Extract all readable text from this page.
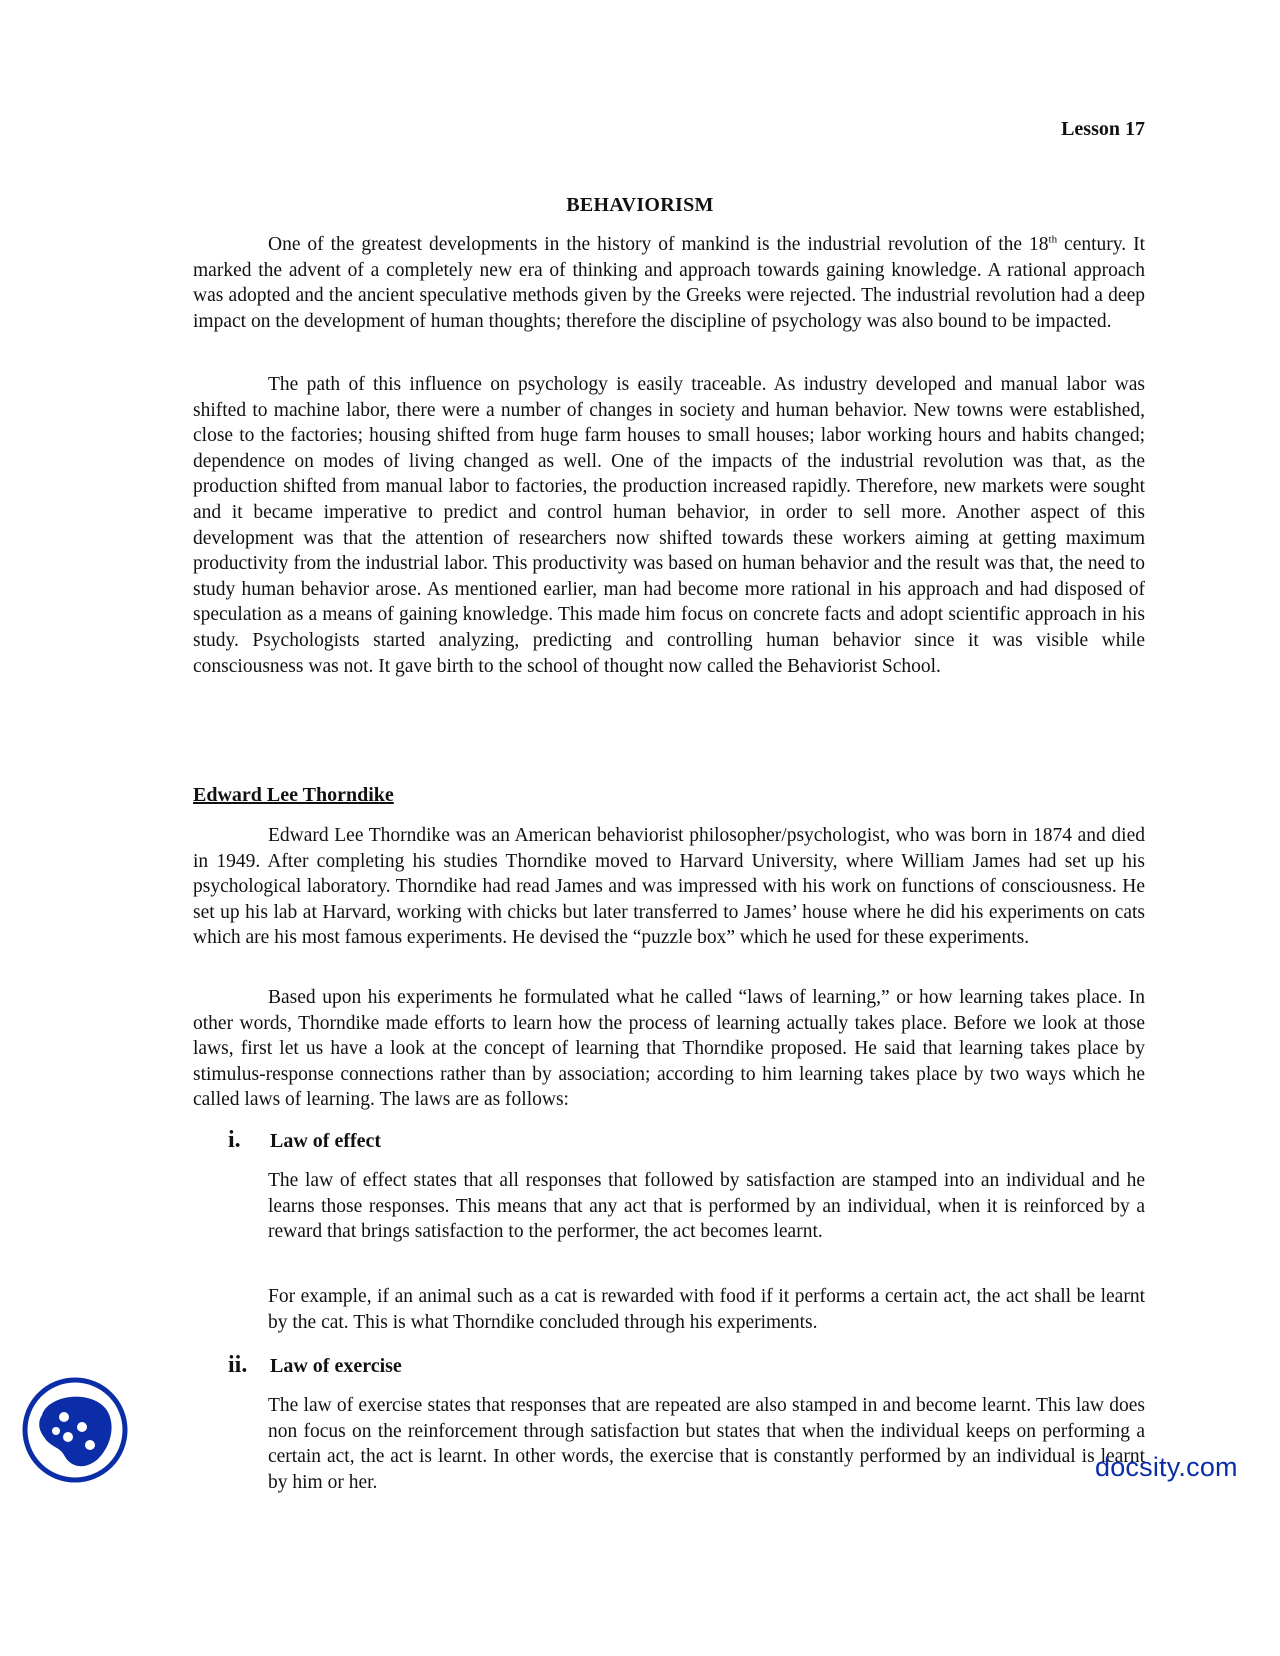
Lesson 17
BEHAVIORISM

One of the greatest developments in the history of mankind is the industrial revolution of the 18th century. It marked the advent of a completely new era of thinking and approach towards gaining knowledge. A rational approach was adopted and the ancient speculative methods given by the Greeks were rejected. The industrial revolution had a deep impact on the development of human thoughts; therefore the discipline of psychology was also bound to be impacted.

The path of this influence on psychology is easily traceable. As industry developed and manual labor was shifted to machine labor, there were a number of changes in society and human behavior. New towns were established, close to the factories; housing shifted from huge farm houses to small houses; labor working hours and habits changed; dependence on modes of living changed as well. One of the impacts of the industrial revolution was that, as the production shifted from manual labor to factories, the production increased rapidly. Therefore, new markets were sought and it became imperative to predict and control human behavior, in order to sell more. Another aspect of this development was that the attention of researchers now shifted towards these workers aiming at getting maximum productivity from the industrial labor. This productivity was based on human behavior and the result was that, the need to study human behavior arose. As mentioned earlier, man had become more rational in his approach and had disposed of speculation as a means of gaining knowledge. This made him focus on concrete facts and adopt scientific approach in his study. Psychologists started analyzing, predicting and controlling human behavior since it was visible while consciousness was not. It gave birth to the school of thought now called the Behaviorist School.

Edward Lee Thorndike

Edward Lee Thorndike was an American behaviorist philosopher/psychologist, who was born in 1874 and died in 1949. After completing his studies Thorndike moved to Harvard University, where William James had set up his psychological laboratory. Thorndike had read James and was impressed with his work on functions of consciousness. He set up his lab at Harvard, working with chicks but later transferred to James’ house where he did his experiments on cats which are his most famous experiments. He devised the “puzzle box” which he used for these experiments.

Based upon his experiments he formulated what he called “laws of learning,” or how learning takes place. In other words, Thorndike made efforts to learn how the process of learning actually takes place. Before we look at those laws, first let us have a look at the concept of learning that Thorndike proposed. He said that learning takes place by stimulus-response connections rather than by association; according to him learning takes place by two ways which he called laws of learning. The laws are as follows:

i.	Law of effect

The law of effect states that all responses that followed by satisfaction are stamped into an individual and he learns those responses. This means that any act that is performed by an individual, when it is reinforced by a reward that brings satisfaction to the performer, the act becomes learnt.

For example, if an animal such as a cat is rewarded with food if it performs a certain act, the act shall be learnt by the cat. This is what Thorndike concluded through his experiments.

ii.	Law of exercise

The law of exercise states that responses that are repeated are also stamped in and become learnt. This law does non focus on the reinforcement through satisfaction but states that when the individual keeps on performing a certain act, the act is learnt. In other words, the exercise that is constantly performed by an individual is learnt by him or her.

docsity.com
